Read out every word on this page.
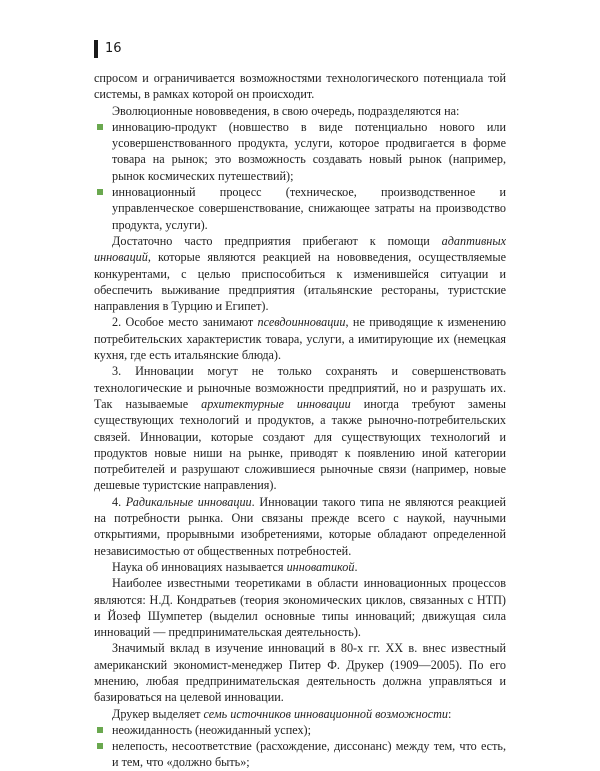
16

спросом и ограничивается возможностями технологического потенциала той системы, в рамках которой он происходит.

Эволюционные нововведения, в свою очередь, подразделяются на:

инновацию-продукт (новшество в виде потенциально нового или усовершенствованного продукта, услуги, которое продвигается в форме товара на рынок; это возможность создавать новый рынок (например, рынок космических путешествий);
инновационный процесс (техническое, производственное и управленческое совершенствование, снижающее затраты на производство продукта, услуги).

Достаточно часто предприятия прибегают к помощи адаптивных инноваций, которые являются реакцией на нововведения, осуществляемые конкурентами, с целью приспособиться к изменившейся ситуации и обеспечить выживание предприятия (итальянские рестораны, туристские направления в Турцию и Египет).

2. Особое место занимают псевдоинновации, не приводящие к изменению потребительских характеристик товара, услуги, а имитирующие их (немецкая кухня, где есть итальянские блюда).

3. Инновации могут не только сохранять и совершенствовать технологические и рыночные возможности предприятий, но и разрушать их. Так называемые архитектурные инновации иногда требуют замены существующих технологий и продуктов, а также рыночно-потребительских связей. Инновации, которые создают для существующих технологий и продуктов новые ниши на рынке, приводят к появлению иной категории потребителей и разрушают сложившиеся рыночные связи (например, новые дешевые туристские направления).

4. Радикальные инновации. Инновации такого типа не являются реакцией на потребности рынка. Они связаны прежде всего с наукой, научными открытиями, прорывными изобретениями, которые обладают определенной независимостью от общественных потребностей.

Наука об инновациях называется инноватикой.

Наиболее известными теоретиками в области инновационных процессов являются: Н.Д. Кондратьев (теория экономических циклов, связанных с НТП) и Йозеф Шумпетер (выделил основные типы инноваций; движущая сила инноваций — предпринимательская деятельность).

Значимый вклад в изучение инноваций в 80-х гг. XX в. внес известный американский экономист-менеджер Питер Ф. Друкер (1909—2005). По его мнению, любая предпринимательская деятельность должна управляться и базироваться на целевой инновации.

Друкер выделяет семь источников инновационной возможности:

неожиданность (неожиданный успех);
нелепость, несоответствие (расхождение, диссонанс) между тем, что есть, и тем, что «должно быть»;
